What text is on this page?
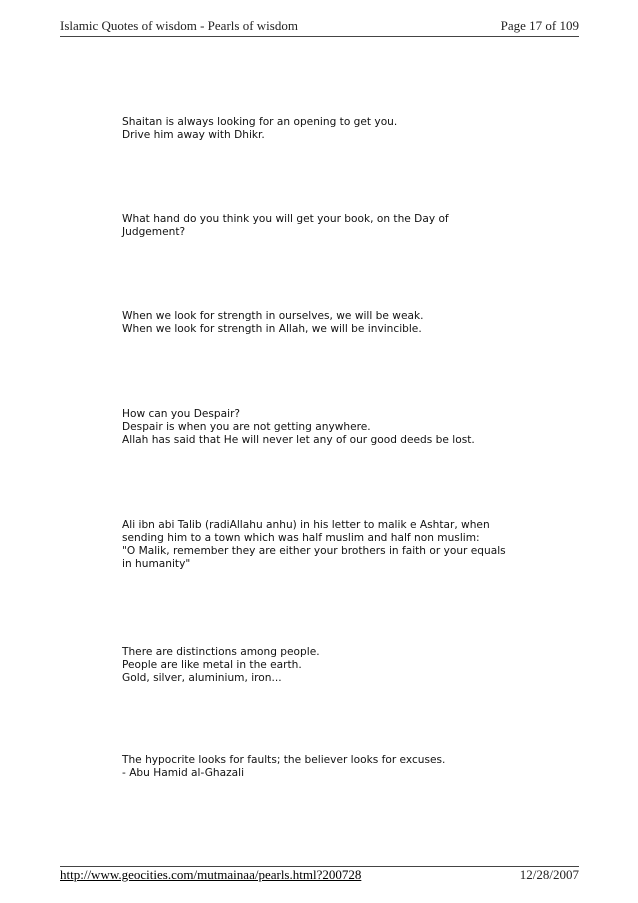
Islamic Quotes of wisdom - Pearls of wisdom	Page 17 of 109
Shaitan is always looking for an opening to get you.
Drive him away with Dhikr.
What hand do you think you will get your book, on the Day of
Judgement?
When we look for strength in ourselves, we will be weak.
When we look for strength in Allah, we will be invincible.
How can you Despair?
Despair is when you are not getting anywhere.
Allah has said that He will never let any of our good deeds be lost.
Ali ibn abi Talib (radiAllahu anhu) in his letter to malik e Ashtar, when
sending him to a town which was half muslim and half non muslim:
"O Malik, remember they are either your brothers in faith or your equals
in humanity"
There are distinctions among people.
People are like metal in the earth.
Gold, silver, aluminium, iron...
The hypocrite looks for faults; the believer looks for excuses.
- Abu Hamid al-Ghazali
http://www.geocities.com/mutmainaa/pearls.html?200728	12/28/2007
